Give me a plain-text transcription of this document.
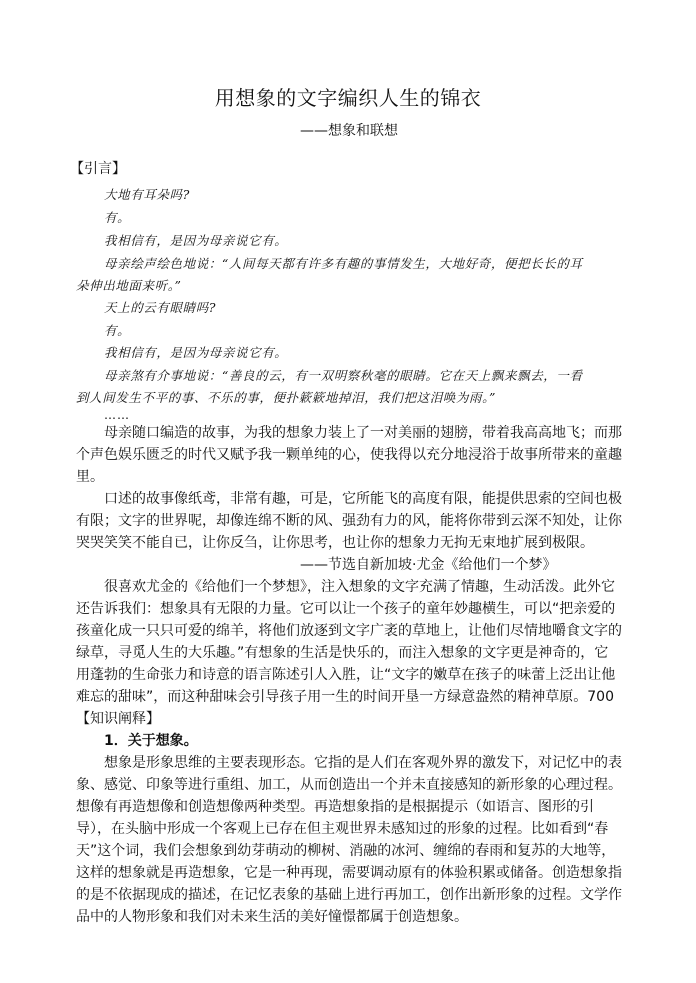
用想象的文字编织人生的锦衣
——想象和联想
【引言】
大地有耳朵吗?
有。
我相信有，是因为母亲说它有。
母亲绘声绘色地说：“人间每天都有许多有趣的事情发生，大地好奇，便把长长的耳
朵伸出地面来听。”
天上的云有眼睛吗?
有。
我相信有，是因为母亲说它有。
母亲煞有介事地说：“善良的云，有一双明察秋毫的眼睛。它在天上飘来飘去，一看
到人间发生不平的事、不乐的事，便扑簌簌地掉泪，我们把这泪唤为雨。”
……
母亲随口编造的故事，为我的想象力装上了一对美丽的翅膀，带着我高高地飞；而那
个声色娱乐匮乏的时代又赋予我一颗单纯的心，使我得以充分地浸浴于故事所带来的童趣
里。
口述的故事像纸鸢，非常有趣，可是，它所能飞的高度有限，能提供思索的空间也极
有限；文字的世界呢，却像连绵不断的风、强劲有力的风，能将你带到云深不知处，让你
哭哭笑笑不能自已，让你反刍，让你思考，也让你的想象力无拘无束地扩展到极限。
——节选自新加坡·尤金《给他们一个梦》
很喜欢尤金的《给他们一个梦想》，注入想象的文字充满了情趣，生动活泼。此外它
还告诉我们：想象具有无限的力量。它可以让一个孩子的童年妙趣横生，可以“把亲爱的
孩童化成一只只可爱的绵羊，将他们放逐到文字广袤的草地上，让他们尽情地嚼食文字的
绿草，寻觅人生的大乐趣。”有想象的生活是快乐的，而注入想象的文字更是神奇的，它
用蓬勃的生命张力和诗意的语言陈述引人入胜，让“文字的嫩草在孩子的味蕾上泛出让他
难忘的甜味”，而这种甜味会引导孩子用一生的时间开垦一方绿意盎然的精神草原。700
【知识阐释】
1．关于想象。
想象是形象思维的主要表现形态。它指的是人们在客观外界的激发下，对记忆中的表
象、感觉、印象等进行重组、加工，从而创造出一个并未直接感知的新形象的心理过程。
想像有再造想像和创造想像两种类型。再造想象指的是根据提示（如语言、图形的引
导），在头脑中形成一个客观上已存在但主观世界未感知过的形象的过程。比如看到“春
天”这个词，我们会想象到幼芽萌动的柳树、消融的冰河、缠绵的春雨和复苏的大地等，
这样的想象就是再造想象，它是一种再现，需要调动原有的体验积累或储备。创造想象指
的是不依据现成的描述，在记忆表象的基础上进行再加工，创作出新形象的过程。文学作
品中的人物形象和我们对未来生活的美好憧憬都属于创造想象。
